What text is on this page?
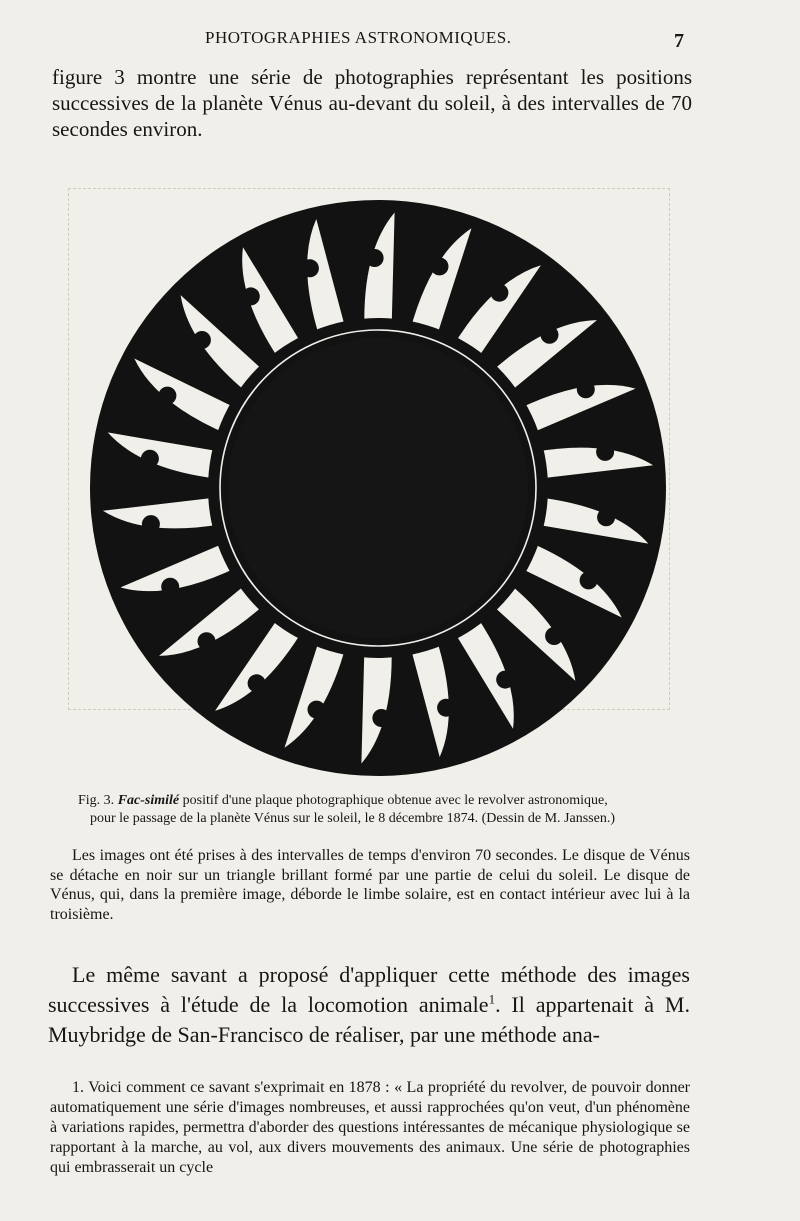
PHOTOGRAPHIES ASTRONOMIQUES.	7
figure 3 montre une série de photographies représentant les positions successives de la planète Vénus au-devant du soleil, à des intervalles de 70 secondes environ.
Fig. 3. Fac-similé positif d'une plaque photographique obtenue avec le revolver astronomique,
pour le passage de la planète Vénus sur le soleil, le 8 décembre 1874. (Dessin de M. Janssen.)
Les images ont été prises à des intervalles de temps d'environ 70 secondes. Le disque de Vénus se détache en noir sur un triangle brillant formé par une partie de celui du soleil. Le disque de Vénus, qui, dans la première image, déborde le limbe solaire, est en contact intérieur avec lui à la troisième.
Le même savant a proposé d'appliquer cette méthode des images successives à l'étude de la locomotion animale$^1$. Il appartenait à M. Muybridge de San-Francisco de réaliser, par une méthode ana-
1. Voici comment ce savant s'exprimait en 1878 : « La propriété du revolver, de pouvoir donner automatiquement une série d'images nombreuses, et aussi rapprochées qu'on veut, d'un phénomène à variations rapides, permettra d'aborder des questions intéressantes de mécanique physiologique se rapportant à la marche, au vol, aux divers mouvements des animaux. Une série de photographies qui embrasserait un cycle
